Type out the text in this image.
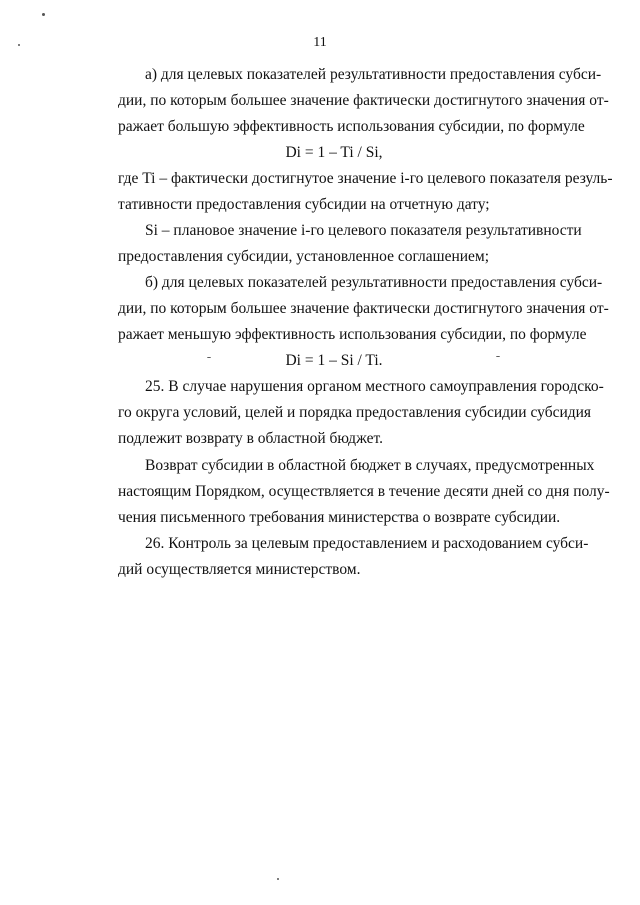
11
а) для целевых показателей результативности предоставления субси-
дии, по которым большее значение фактически достигнутого значения от-
ражает большую эффективность использования субсидии, по формуле
Di = 1 – Ti / Si,
где Ti – фактически достигнутое значение i-го целевого показателя резуль-
тативности предоставления субсидии на отчетную дату;
Si – плановое значение i-го целевого показателя результативности
предоставления субсидии, установленное соглашением;
б) для целевых показателей результативности предоставления субси-
дии, по которым большее значение фактически достигнутого значения от-
ражает меньшую эффективность использования субсидии, по формуле
Di = 1 – Si / Ti.
25. В случае нарушения органом местного самоуправления городско-
го округа условий, целей и порядка предоставления субсидии субсидия
подлежит возврату в областной бюджет.
Возврат субсидии в областной бюджет в случаях, предусмотренных
настоящим Порядком, осуществляется в течение десяти дней со дня полу-
чения письменного требования министерства о возврате субсидии.
26. Контроль за целевым предоставлением и расходованием субси-
дий осуществляется министерством.
